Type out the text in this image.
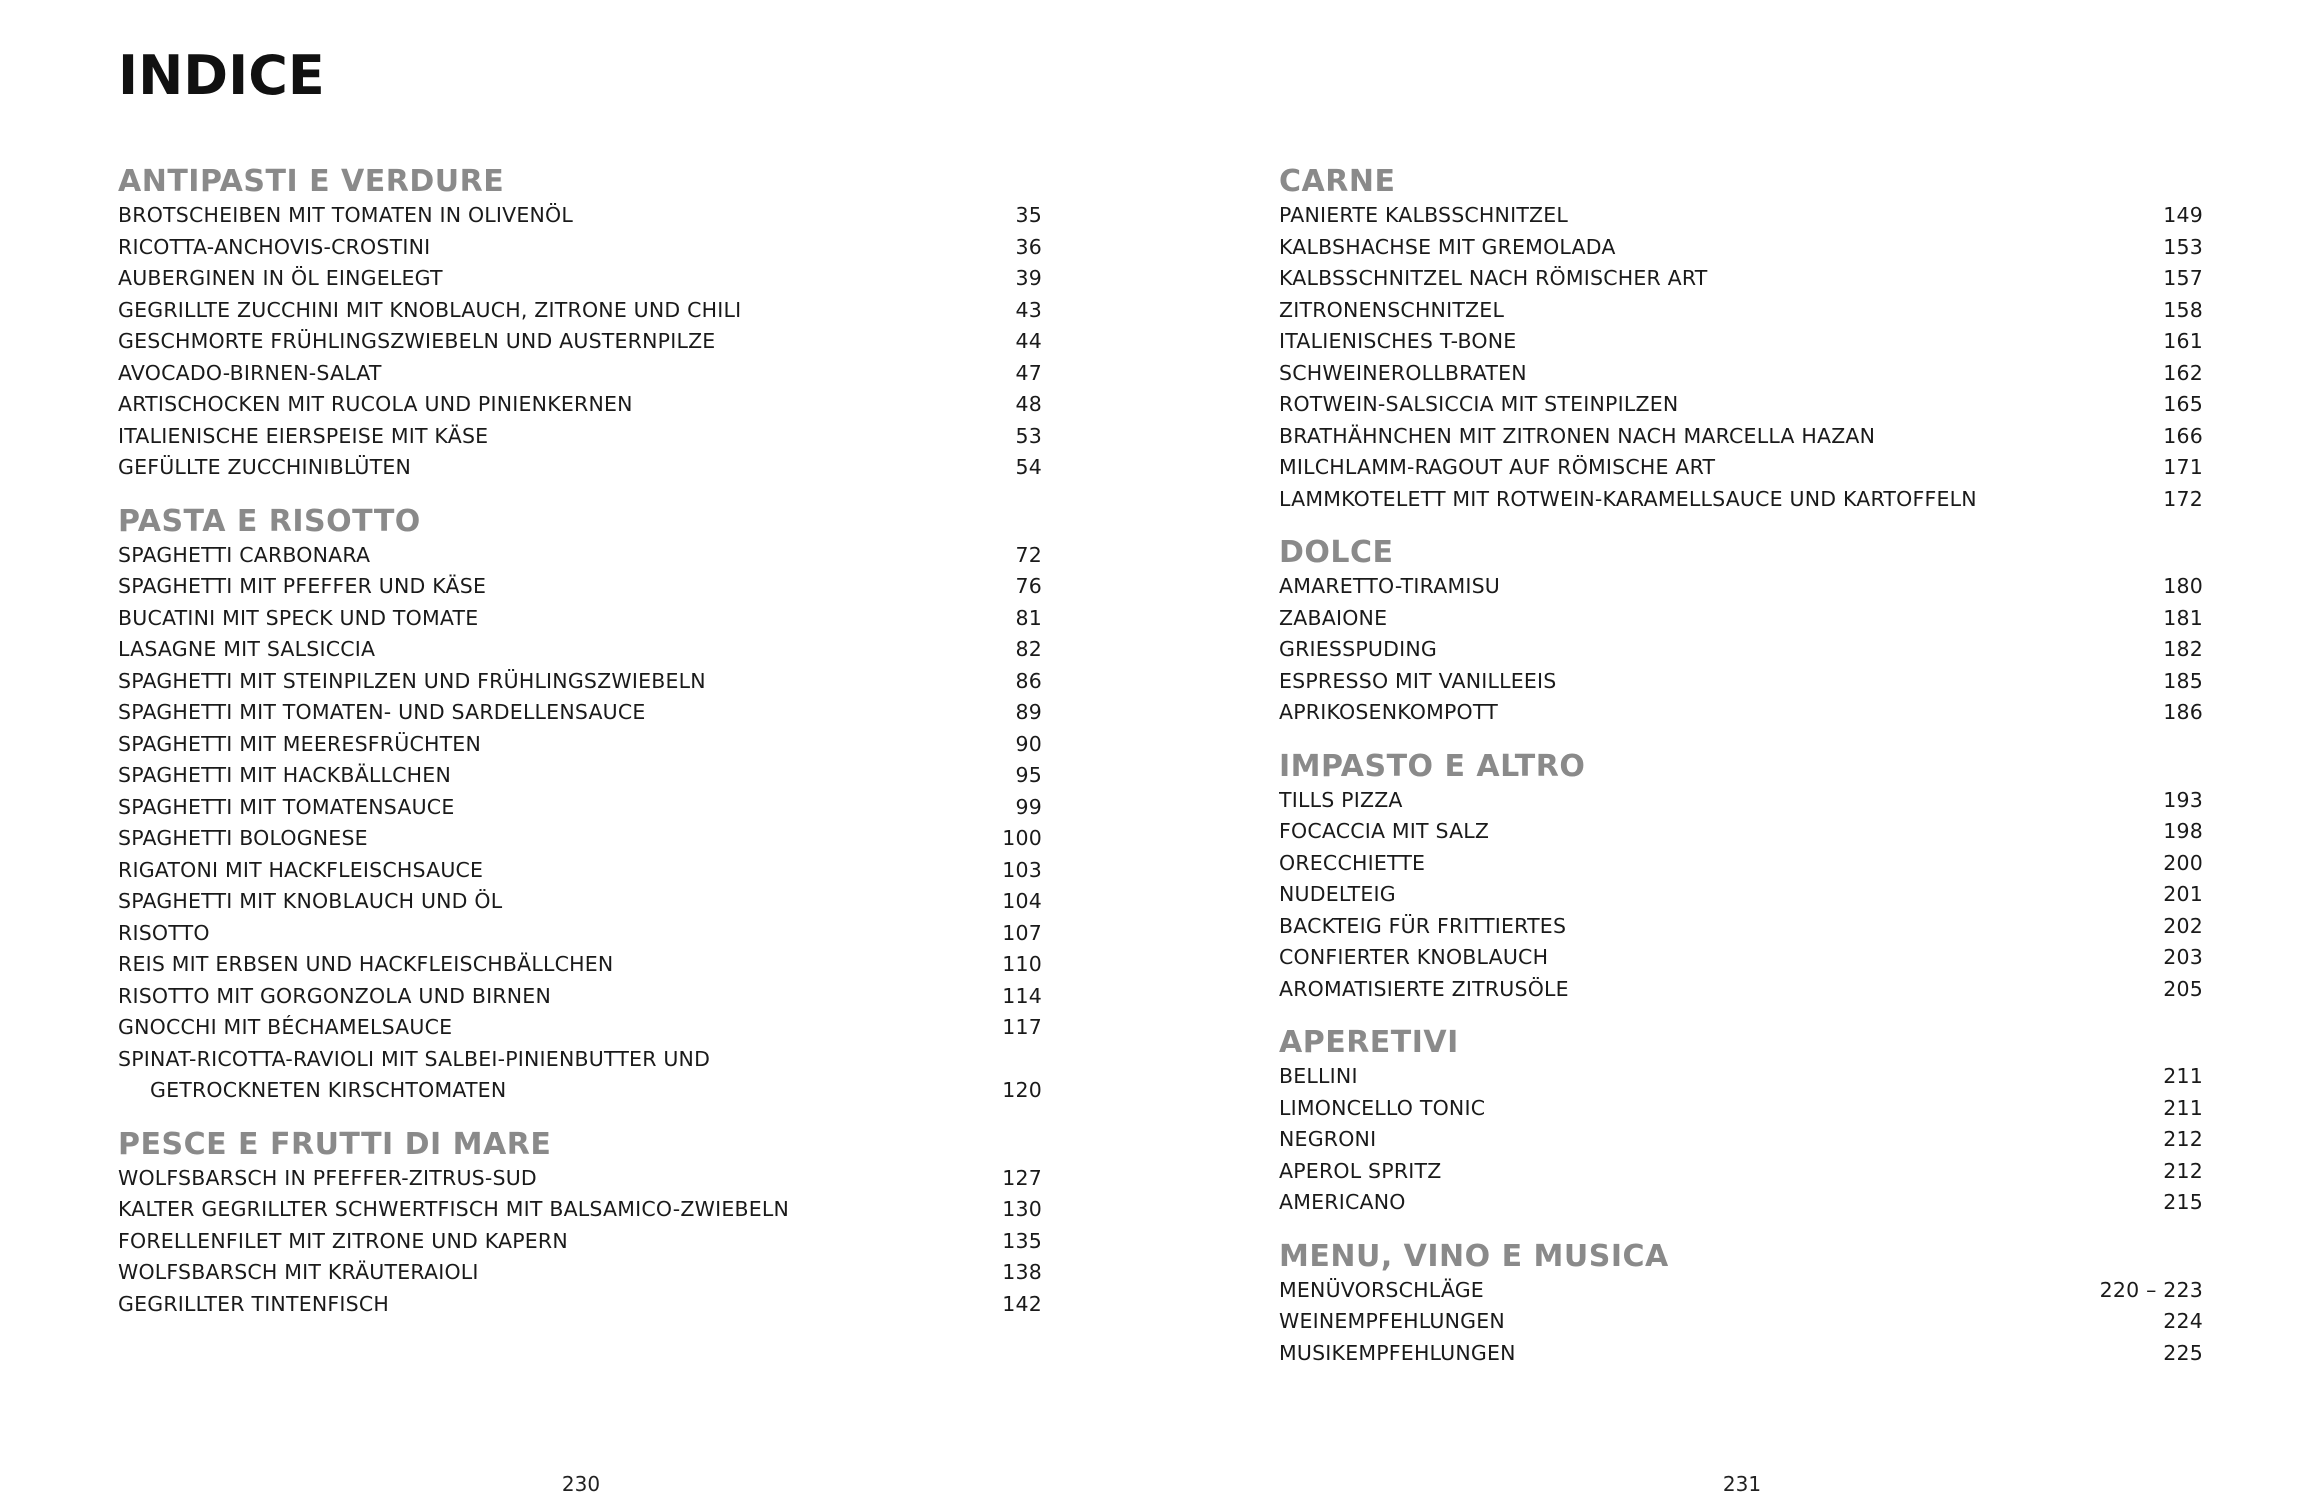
INDICE
ANTIPASTI E VERDURE
BROTSCHEIBEN MIT TOMATEN IN OLIVENÖL	35
RICOTTA-ANCHOVIS-CROSTINI	36
AUBERGINEN IN ÖL EINGELEGT	39
GEGRILLTE ZUCCHINI MIT KNOBLAUCH, ZITRONE UND CHILI	43
GESCHMORTE FRÜHLINGSZWIEBELN UND AUSTERNPILZE	44
AVOCADO-BIRNEN-SALAT	47
ARTISCHOCKEN MIT RUCOLA UND PINIENKERNEN	48
ITALIENISCHE EIERSPEISE MIT KÄSE	53
GEFÜLLTE ZUCCHINIBLÜTEN	54
PASTA E RISOTTO
SPAGHETTI CARBONARA	72
SPAGHETTI MIT PFEFFER UND KÄSE	76
BUCATINI MIT SPECK UND TOMATE	81
LASAGNE MIT SALSICCIA	82
SPAGHETTI MIT STEINPILZEN UND FRÜHLINGSZWIEBELN	86
SPAGHETTI MIT TOMATEN- UND SARDELLENSAUCE	89
SPAGHETTI MIT MEERESFRÜCHTEN	90
SPAGHETTI MIT HACKBÄLLCHEN	95
SPAGHETTI MIT TOMATENSAUCE	99
SPAGHETTI BOLOGNESE	100
RIGATONI MIT HACKFLEISCHSAUCE	103
SPAGHETTI MIT KNOBLAUCH UND ÖL	104
RISOTTO	107
REIS MIT ERBSEN UND HACKFLEISCHBÄLLCHEN	110
RISOTTO MIT GORGONZOLA UND BIRNEN	114
GNOCCHI MIT BÉCHAMELSAUCE	117
SPINAT-RICOTTA-RAVIOLI MIT SALBEI-PINIENBUTTER UND
GETROCKNETEN KIRSCHTOMATEN	120
PESCE E FRUTTI DI MARE
WOLFSBARSCH IN PFEFFER-ZITRUS-SUD	127
KALTER GEGRILLTER SCHWERTFISCH MIT BALSAMICO-ZWIEBELN	130
FORELLENFILET MIT ZITRONE UND KAPERN	135
WOLFSBARSCH MIT KRÄUTERAIOLI	138
GEGRILLTER TINTENFISCH	142
CARNE
PANIERTE KALBSSCHNITZEL	149
KALBSHACHSE MIT GREMOLADA	153
KALBSSCHNITZEL NACH RÖMISCHER ART	157
ZITRONENSCHNITZEL	158
ITALIENISCHES T-BONE	161
SCHWEINEROLLBRATEN	162
ROTWEIN-SALSICCIA MIT STEINPILZEN	165
BRATHÄHNCHEN MIT ZITRONEN NACH MARCELLA HAZAN	166
MILCHLAMM-RAGOUT AUF RÖMISCHE ART	171
LAMMKOTELETT MIT ROTWEIN-KARAMELLSAUCE UND KARTOFFELN	172
DOLCE
AMARETTO-TIRAMISU	180
ZABAIONE	181
GRIESSPUDING	182
ESPRESSO MIT VANILLEEIS	185
APRIKOSENKOMPOTT	186
IMPASTO E ALTRO
TILLS PIZZA	193
FOCACCIA MIT SALZ	198
ORECCHIETTE	200
NUDELTEIG	201
BACKTEIG FÜR FRITTIERTES	202
CONFIERTER KNOBLAUCH	203
AROMATISIERTE ZITRUSÖLE	205
APERETIVI
BELLINI	211
LIMONCELLO TONIC	211
NEGRONI	212
APEROL SPRITZ	212
AMERICANO	215
MENU, VINO E MUSICA
MENÜVORSCHLÄGE	220 – 223
WEINEMPFEHLUNGEN	224
MUSIKEMPFEHLUNGEN	225
230	231
